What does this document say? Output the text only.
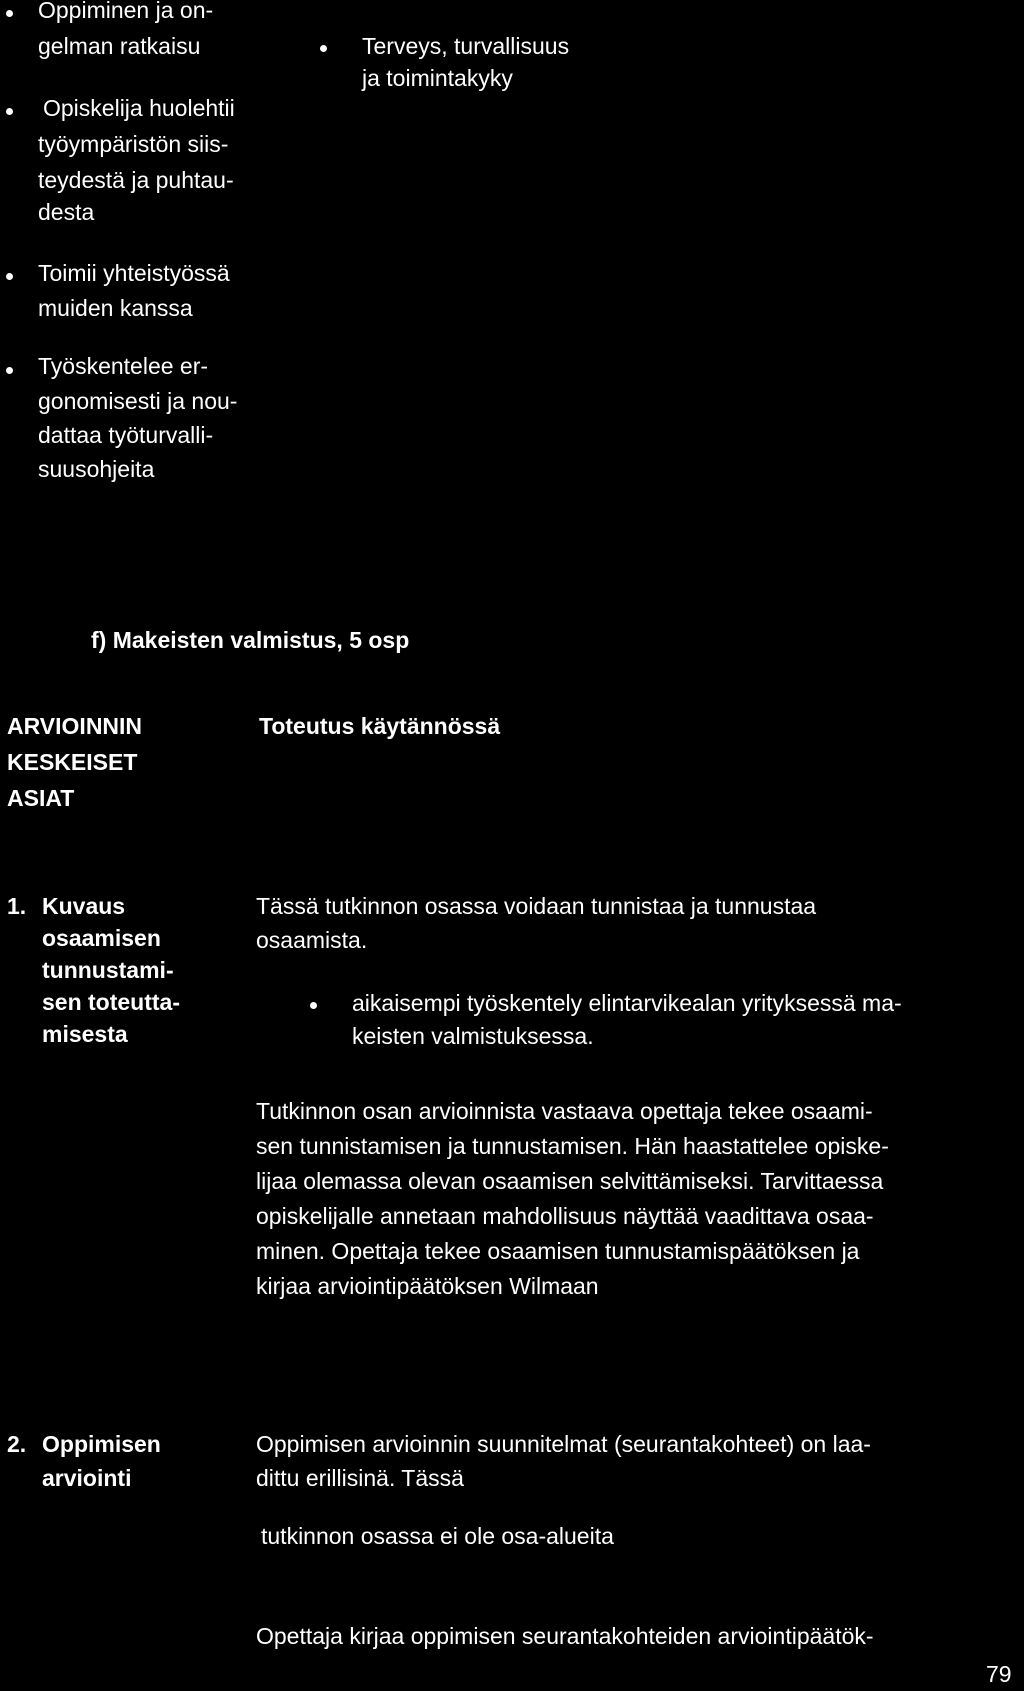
Oppiminen ja on-
gelman ratkaisu
Opiskelija huolehtii
työympäristön siis-
teydestä ja puhtau-
desta
Toimii yhteistyössä
muiden kanssa
Työskentelee er-
gonomisesti ja nou-
dattaa työturvalli-
suusohjeita
Terveys, turvallisuus
ja toimintakyky
f) Makeisten valmistus, 5 osp
ARVIOINNIN
KESKEISET
ASIAT
Toteutus käytännössä
1. Kuvaus
osaamisen
tunnustami-
sen toteutta-
misesta
Tässä tutkinnon osassa voidaan tunnistaa ja tunnustaa
osaamista.
aikaisempi työskentely elintarvikealan yrityksessä ma-
keisten valmistuksessa.
Tutkinnon osan arvioinnista vastaava opettaja tekee osaami-
sen tunnistamisen ja tunnustamisen. Hän haastattelee opiske-
lijaa olemassa olevan osaamisen selvittämiseksi. Tarvittaessa
opiskelijalle annetaan mahdollisuus näyttää vaadittava osaa-
minen. Opettaja tekee osaamisen tunnustamispäätöksen ja
kirjaa arviointipäätöksen Wilmaan
2. Oppimisen
arviointi
Oppimisen arvioinnin suunnitelmat (seurantakohteet) on laa-
dittu erillisinä. Tässä
tutkinnon osassa ei ole osa-alueita
Opettaja kirjaa oppimisen seurantakohteiden arviointipäätök-
79
